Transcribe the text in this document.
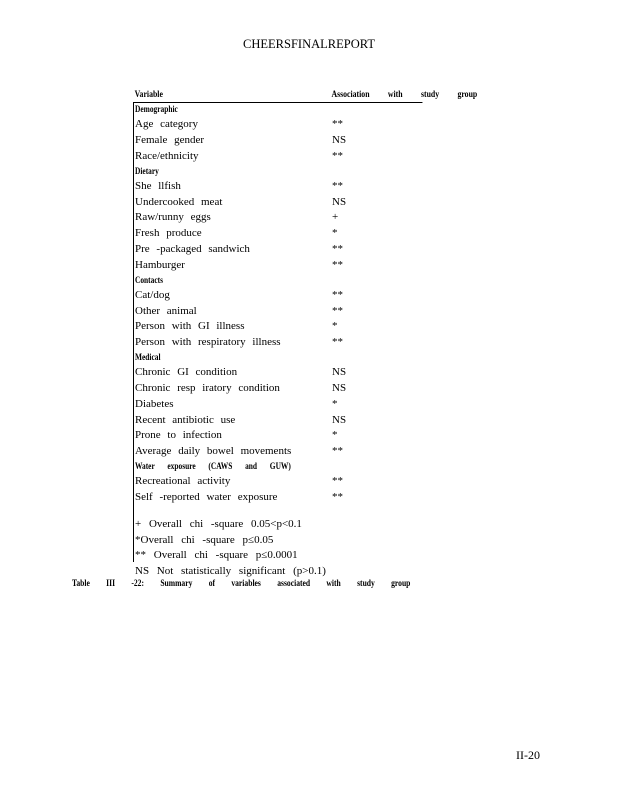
CHEERSFINALREPORT
Variable	Association with study group
Demographic
Age category	**
Female gender	NS
Race/ethnicity	**
Dietary
She llfish	**
Undercooked meat	NS
Raw/runny eggs	+
Fresh produce	*
Pre -packaged sandwich	**
Hamburger	**
Contacts
Cat/dog	**
Other animal	**
Person with GI illness	*
Person with respiratory illness	**
Medical
Chronic GI condition	NS
Chronic resp iratory condition	NS
Diabetes	*
Recent antibiotic use	NS
Prone to infection	*
Average daily bowel movements	**
Water exposure (CAWS and GUW)
Recreational activity	**
Self -reported water exposure	**
+ Overall chi -square 0.05<p<0.1
*Overall chi -square p≤0.05
** Overall chi -square p≤0.0001
NS Not statistically significant (p>0.1)
Table III -22: Summary of variables associated with study group
II-20
